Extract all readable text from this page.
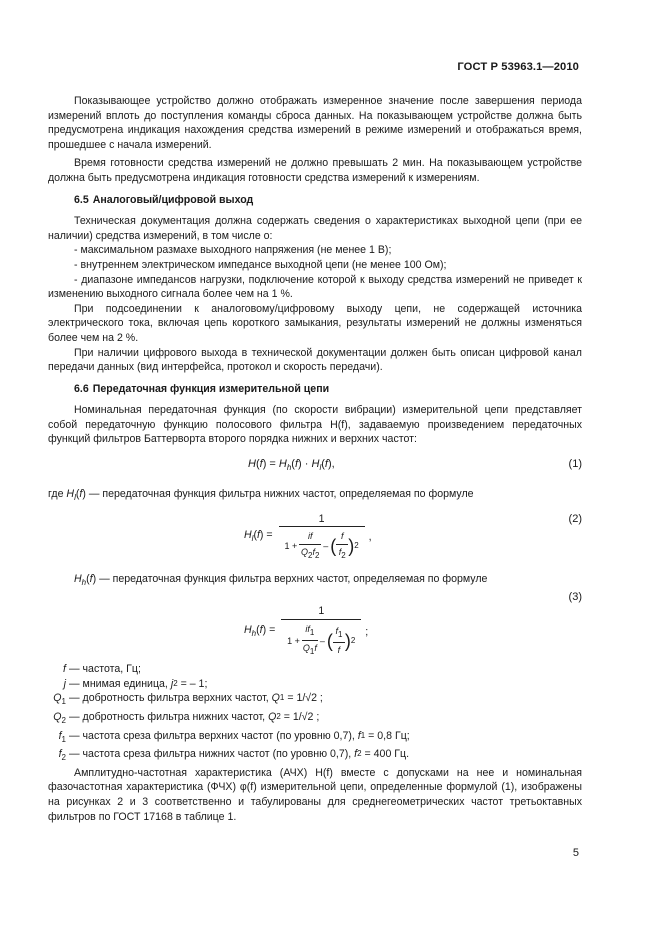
ГОСТ Р 53963.1—2010

Показывающее устройство должно отображать измеренное значение после завершения периода измерений вплоть до поступления команды сброса данных. На показывающем устройстве должна быть предусмотрена индикация нахождения средства измерений в режиме измерений и отображаться время, прошедшее с начала измерений.

Время готовности средства измерений не должно превышать 2 мин. На показывающем устройстве должна быть предусмотрена индикация готовности средства измерений к измерениям.

6.5 Аналоговый/цифровой выход

Техническая документация должна содержать сведения о характеристиках выходной цепи (при ее наличии) средства измерений, в том числе о:

- максимальном размахе выходного напряжения (не менее 1 В);

- внутреннем электрическом импедансе выходной цепи (не менее 100 Ом);

- диапазоне импедансов нагрузки, подключение которой к выходу средства измерений не приведет к изменению выходного сигнала более чем на 1 %.

При подсоединении к аналоговому/цифровому выходу цепи, не содержащей источника электрического тока, включая цепь короткого замыкания, результаты измерений не должны изменяться более чем на 2 %.

При наличии цифрового выхода в технической документации должен быть описан цифровой канал передачи данных (вид интерфейса, протокол и скорость передачи).

6.6 Передаточная функция измерительной цепи

Номинальная передаточная функция (по скорости вибрации) измерительной цепи представляет собой передаточную функцию полосового фильтра H(f), задаваемую произведением передаточных функций фильтров Баттерворта второго порядка нижних и верхних частот:

$H(f) = H_h(f) \cdot H_l(f)$,	(1)

где $H_l(f)$ — передаточная функция фильтра нижних частот, определяемая по формуле

$H_l(f)$ =
1
1 +
if
Q2f2
– ( f
f2 ) 2
,
(2)

$H_h(f)$ — передаточная функция фильтра верхних частот, определяемая по формуле

$H_h(f)$ =
1
1 +
if1
Q1f
– ( f1
f ) 2
;
(3)
f — частота, Гц;
j — мнимая единица,
j 2
= – 1;
$Q_1$ — добротность фильтра верхних частот,
Q 1 = 1/√2 ;
$Q_2$ — добротность фильтра нижних частот,
Q 2 = 1/√2 ;
$f_1$ — частота среза фильтра верхних частот (по уровню 0,7),
f 1
= 0,8 Гц;
$f_2$ — частота среза фильтра нижних частот (по уровню 0,7),
f 2
= 400 Гц.

Амплитудно-частотная характеристика (АЧХ) H(f) вместе с допусками на нее и номинальная фазочастотная характеристика (ФЧХ) φ(f) измерительной цепи, определенные формулой (1), изображены на рисунках 2 и 3 соответственно и табулированы для среднегеометрических частот третьоктавных фильтров по ГОСТ 17168 в таблице 1.

5
